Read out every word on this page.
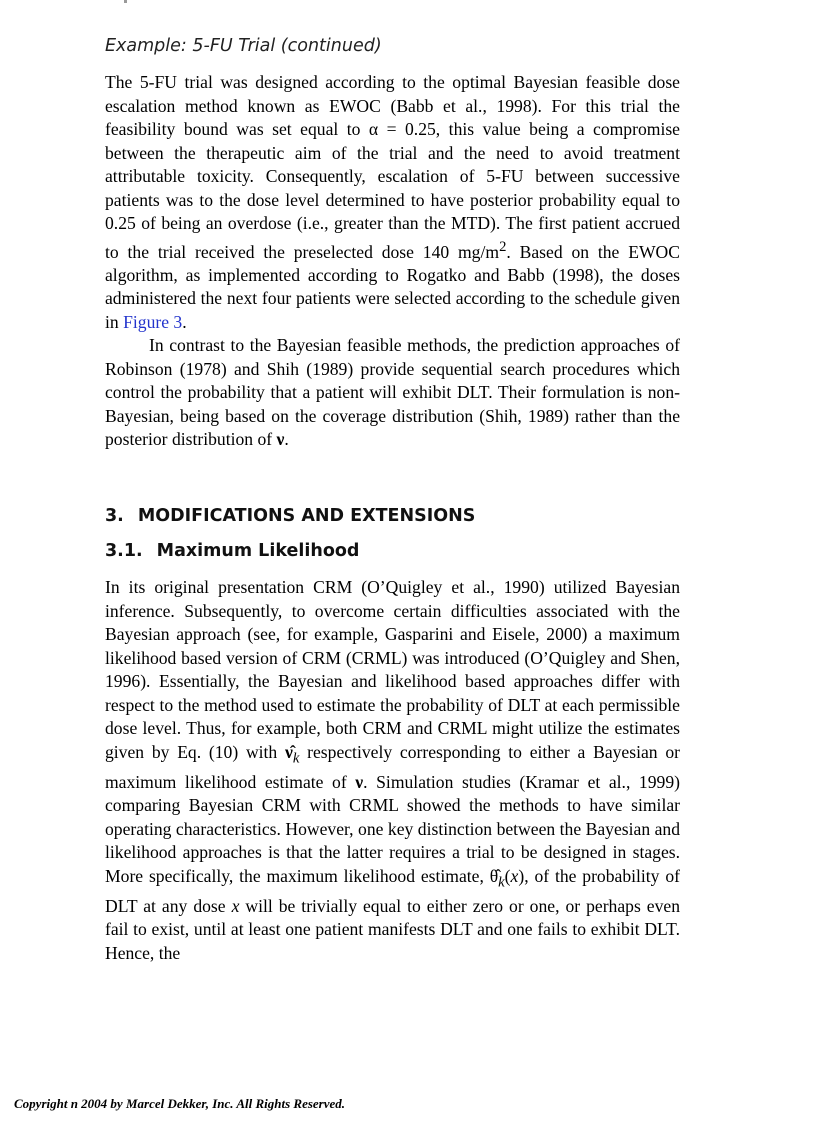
Example: 5-FU Trial (continued)

The 5-FU trial was designed according to the optimal Bayesian feasible dose escalation method known as EWOC (Babb et al., 1998). For this trial the feasibility bound was set equal to α = 0.25, this value being a compromise between the therapeutic aim of the trial and the need to avoid treatment attributable toxicity. Consequently, escalation of 5-FU between successive patients was to the dose level determined to have posterior probability equal to 0.25 of being an overdose (i.e., greater than the MTD). The first patient accrued to the trial received the preselected dose 140 $mg/m^2$. Based on the EWOC algorithm, as implemented according to Rogatko and Babb (1998), the doses administered the next four patients were selected according to the schedule given in Figure 3.

In contrast to the Bayesian feasible methods, the prediction approaches of Robinson (1978) and Shih (1989) provide sequential search procedures which control the probability that a patient will exhibit DLT. Their formulation is non-Bayesian, being based on the coverage distribution (Shih, 1989) rather than the posterior distribution of ν.

3. MODIFICATIONS AND EXTENSIONS
3.1. Maximum Likelihood

In its original presentation CRM (O’Quigley et al., 1990) utilized Bayesian inference. Subsequently, to overcome certain difficulties associated with the Bayesian approach (see, for example, Gasparini and Eisele, 2000) a maximum likelihood based version of CRM (CRML) was introduced (O’Quigley and Shen, 1996). Essentially, the Bayesian and likelihood based approaches differ with respect to the method used to estimate the probability of DLT at each permissible dose level. Thus, for example, both CRM and CRML might utilize the estimates given by Eq. (10) with $\nû_k$ respectively corresponding to either a Bayesian or maximum likelihood estimate of ν. Simulation studies (Kramar et al., 1999) comparing Bayesian CRM with CRML showed the methods to have similar operating characteristics. However, one key distinction between the Bayesian and likelihood approaches is that the latter requires a trial to be designed in stages. More specifically, the maximum likelihood estimate, $\thetâ_k(x)$, of the probability of DLT at any dose x will be trivially equal to either zero or one, or perhaps even fail to exist, until at least one patient manifests DLT and one fails to exhibit DLT. Hence, the

Copyright n 2004 by Marcel Dekker, Inc. All Rights Reserved.
